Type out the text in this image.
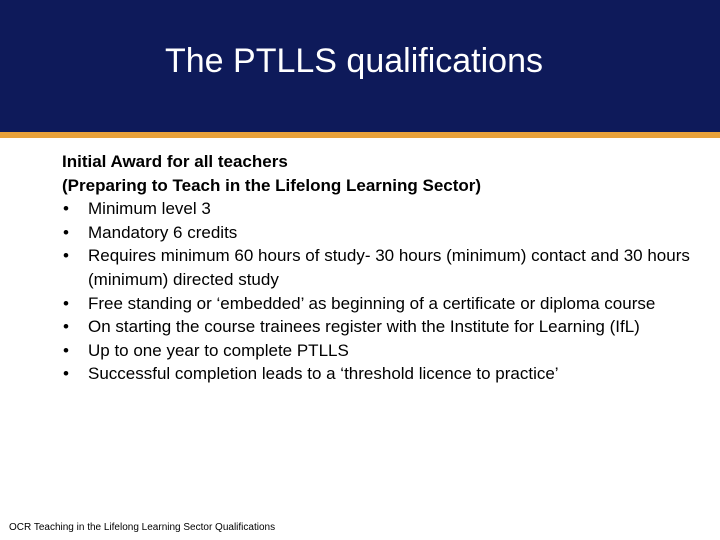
The PTLLS qualifications
Initial Award for all teachers
(Preparing to Teach in the Lifelong Learning Sector)
• Minimum level 3
• Mandatory 6 credits
• Requires minimum 60 hours of study- 30 hours (minimum) contact and 30 hours (minimum) directed study
• Free standing or ‘embedded’ as beginning of a certificate or diploma course
• On starting the course trainees register with the Institute for Learning (IfL)
• Up to one year to complete PTLLS
• Successful completion leads to a ‘threshold licence to practice’
OCR Teaching in the Lifelong Learning Sector Qualifications
